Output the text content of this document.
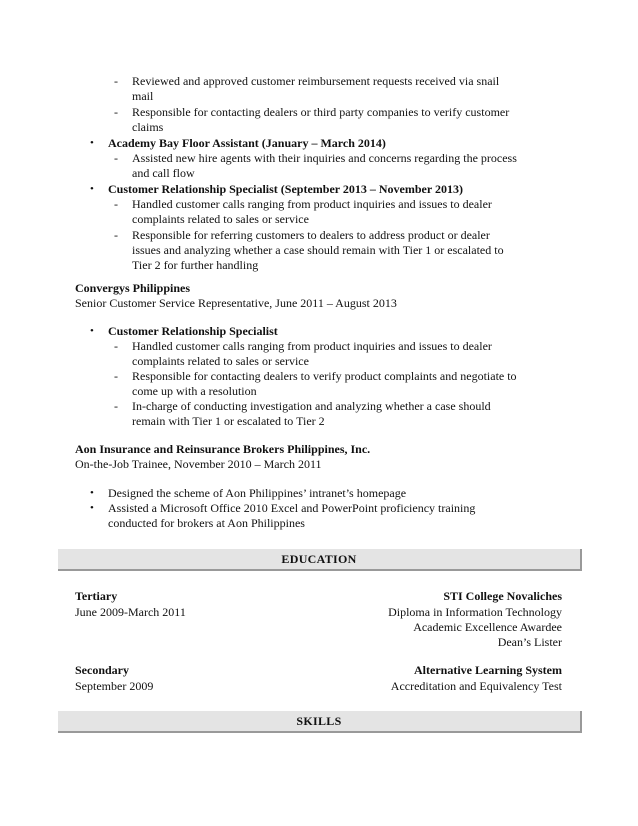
- Reviewed and approved customer reimbursement requests received via snail
mail
- Responsible for contacting dealers or third party companies to verify customer
claims
• Academy Bay Floor Assistant (January – March 2014)
- Assisted new hire agents with their inquiries and concerns regarding the process
and call flow
• Customer Relationship Specialist (September 2013 – November 2013)
- Handled customer calls ranging from product inquiries and issues to dealer
complaints related to sales or service
- Responsible for referring customers to dealers to address product or dealer
issues and analyzing whether a case should remain with Tier 1 or escalated to
Tier 2 for further handling
Convergys Philippines
Senior Customer Service Representative, June 2011 – August 2013
• Customer Relationship Specialist
- Handled customer calls ranging from product inquiries and issues to dealer
complaints related to sales or service
- Responsible for contacting dealers to verify product complaints and negotiate to
come up with a resolution
- In-charge of conducting investigation and analyzing whether a case should
remain with Tier 1 or escalated to Tier 2
Aon Insurance and Reinsurance Brokers Philippines, Inc.
On-the-Job Trainee, November 2010 – March 2011
• Designed the scheme of Aon Philippines’ intranet’s homepage
• Assisted a Microsoft Office 2010 Excel and PowerPoint proficiency training
conducted for brokers at Aon Philippines
EDUCATION
Tertiary
June 2009-March 2011
STI College Novaliches
Diploma in Information Technology
Academic Excellence Awardee
Dean’s Lister
Secondary
September 2009
Alternative Learning System
Accreditation and Equivalency Test
SKILLS
